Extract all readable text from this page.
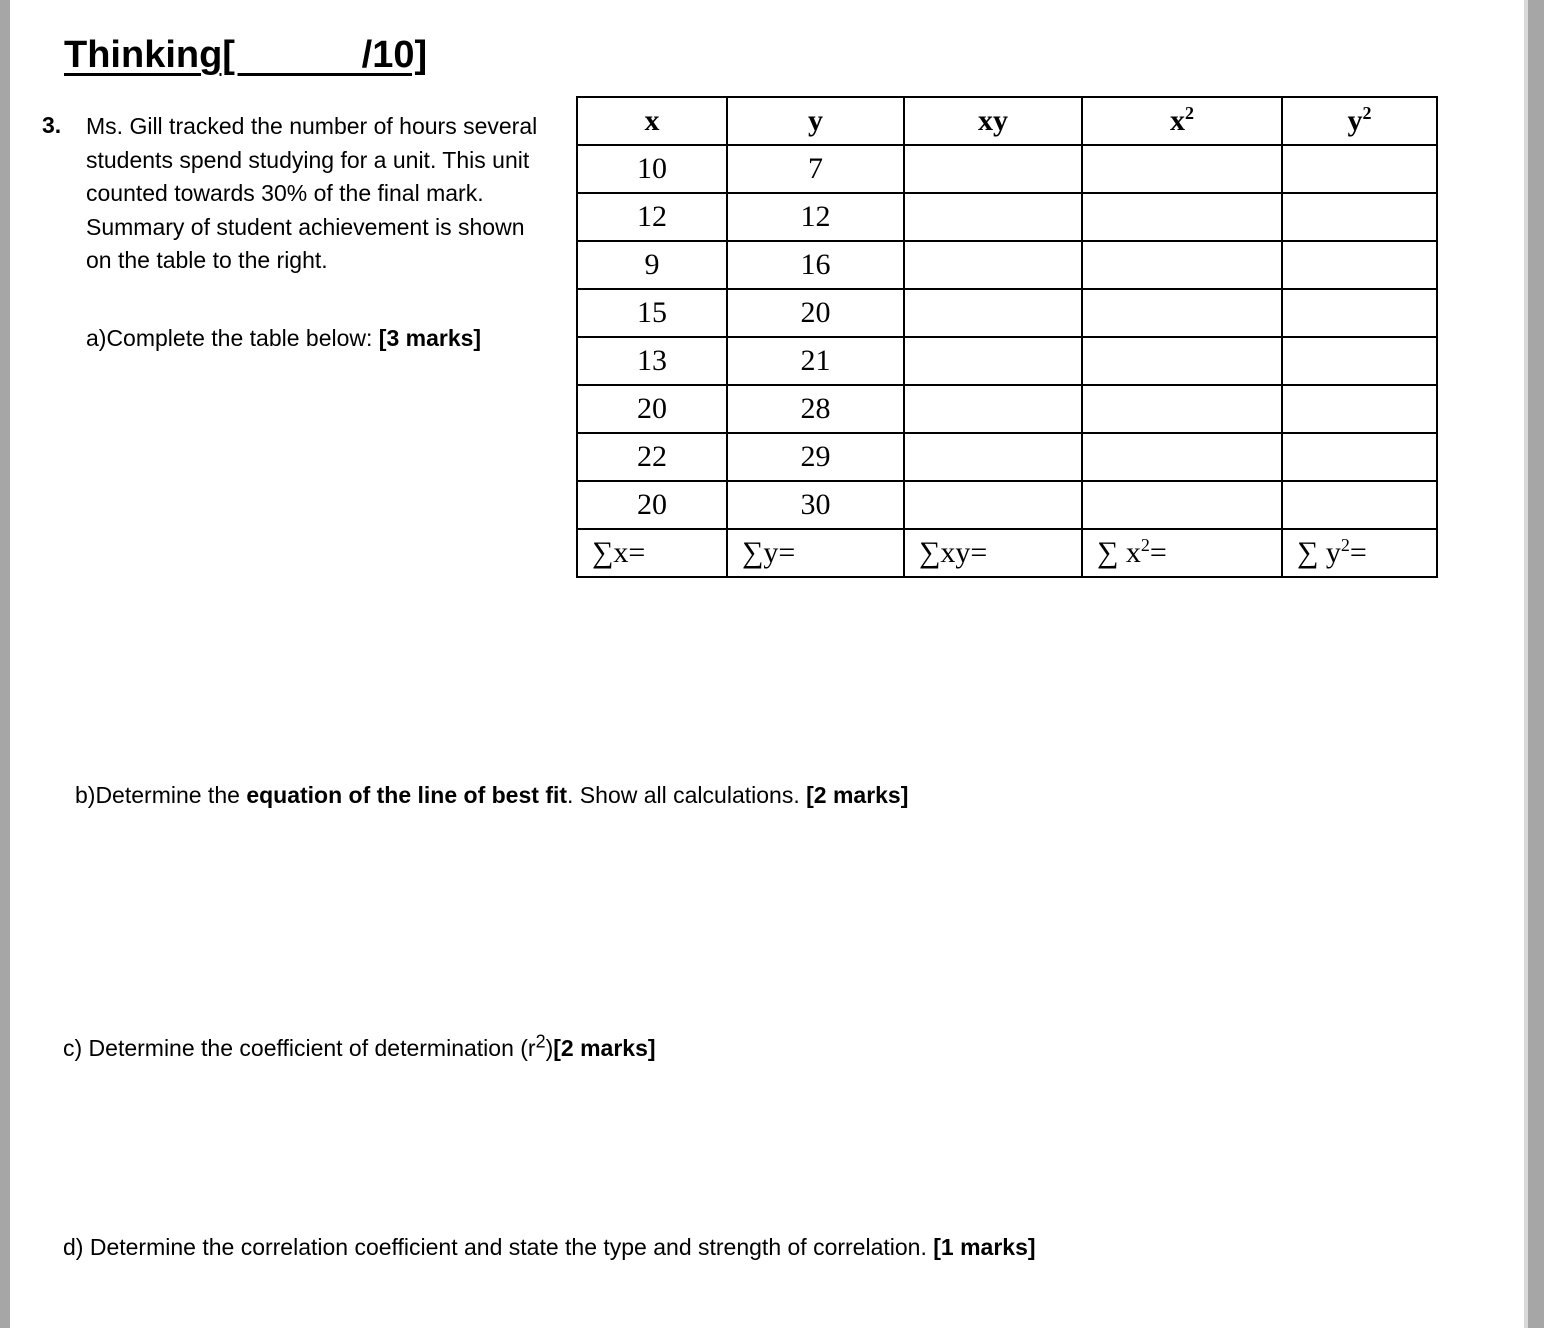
Thinking[            /10]
3. Ms. Gill tracked the number of hours several students spend studying for a unit. This unit counted towards 30% of the final mark. Summary of student achievement is shown on the table to the right.
a)Complete the table below: [3 marks]
x	y	xy	$x^2$	$y^2$
10	7			
12	12			
9	16			
15	20			
13	21			
20	28			
22	29			
20	30			
∑x=	∑y=	∑xy=	∑ $x^2=$	∑ $y^2=$
b)Determine the equation of the line of best fit. Show all calculations. [2 marks]
c) Determine the coefficient of determination $(r^2)[2$ marks]
d) Determine the correlation coefficient and state the type and strength of correlation. [1 marks]
